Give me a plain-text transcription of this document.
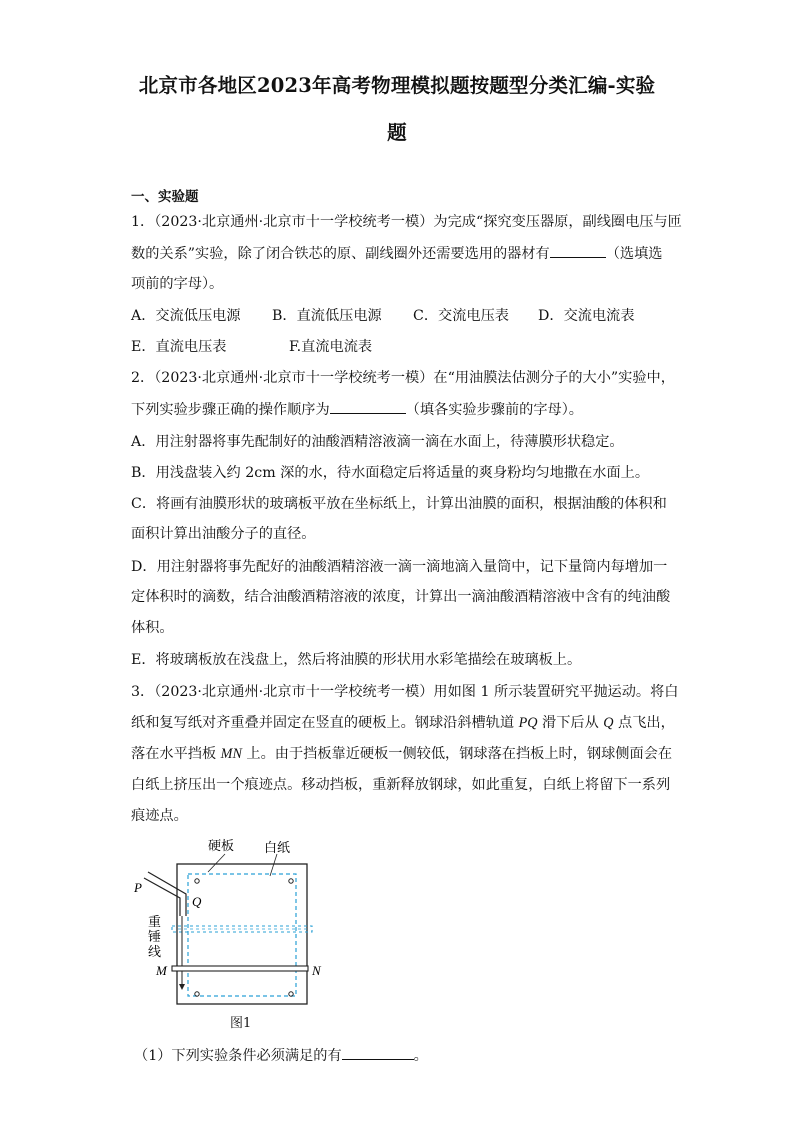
北京市各地区2023年高考物理模拟题按题型分类汇编-实验
题
一、实验题
1．（2023·北京通州·北京市十一学校统考一模）为完成“探究变压器原，副线圈电压与匝
数的关系”实验，除了闭合铁芯的原、副线圈外还需要选用的器材有	（选填选
项前的字母）。
A．交流低压电源 B．直流低压电源 C．交流电压表 D．交流电流表
E．直流电压表	F.直流电流表
2．（2023·北京通州·北京市十一学校统考一模）在“用油膜法估测分子的大小”实验中，
下列实验步骤正确的操作顺序为	（填各实验步骤前的字母）。
A．用注射器将事先配制好的油酸酒精溶液滴一滴在水面上，待薄膜形状稳定。
B．用浅盘装入约 2cm 深的水，待水面稳定后将适量的爽身粉均匀地撒在水面上。
C．将画有油膜形状的玻璃板平放在坐标纸上，计算出油膜的面积，根据油酸的体积和
面积计算出油酸分子的直径。
D．用注射器将事先配好的油酸酒精溶液一滴一滴地滴入量筒中，记下量筒内每增加一
定体积时的滴数，结合油酸酒精溶液的浓度，计算出一滴油酸酒精溶液中含有的纯油酸
体积。
E．将玻璃板放在浅盘上，然后将油膜的形状用水彩笔描绘在玻璃板上。
3．（2023·北京通州·北京市十一学校统考一模）用如图 1 所示装置研究平抛运动。将白
纸和复写纸对齐重叠并固定在竖直的硬板上。钢球沿斜槽轨道 PQ 滑下后从 Q 点飞出，
落在水平挡板 MN 上。由于挡板靠近硬板一侧较低，钢球落在挡板上时，钢球侧面会在
白纸上挤压出一个痕迹点。移动挡板，重新释放钢球，如此重复，白纸上将留下一系列
痕迹点。
硬板 白纸
P
Q
重
锤
线
M	N
图1
（1）下列实验条件必须满足的有	。
